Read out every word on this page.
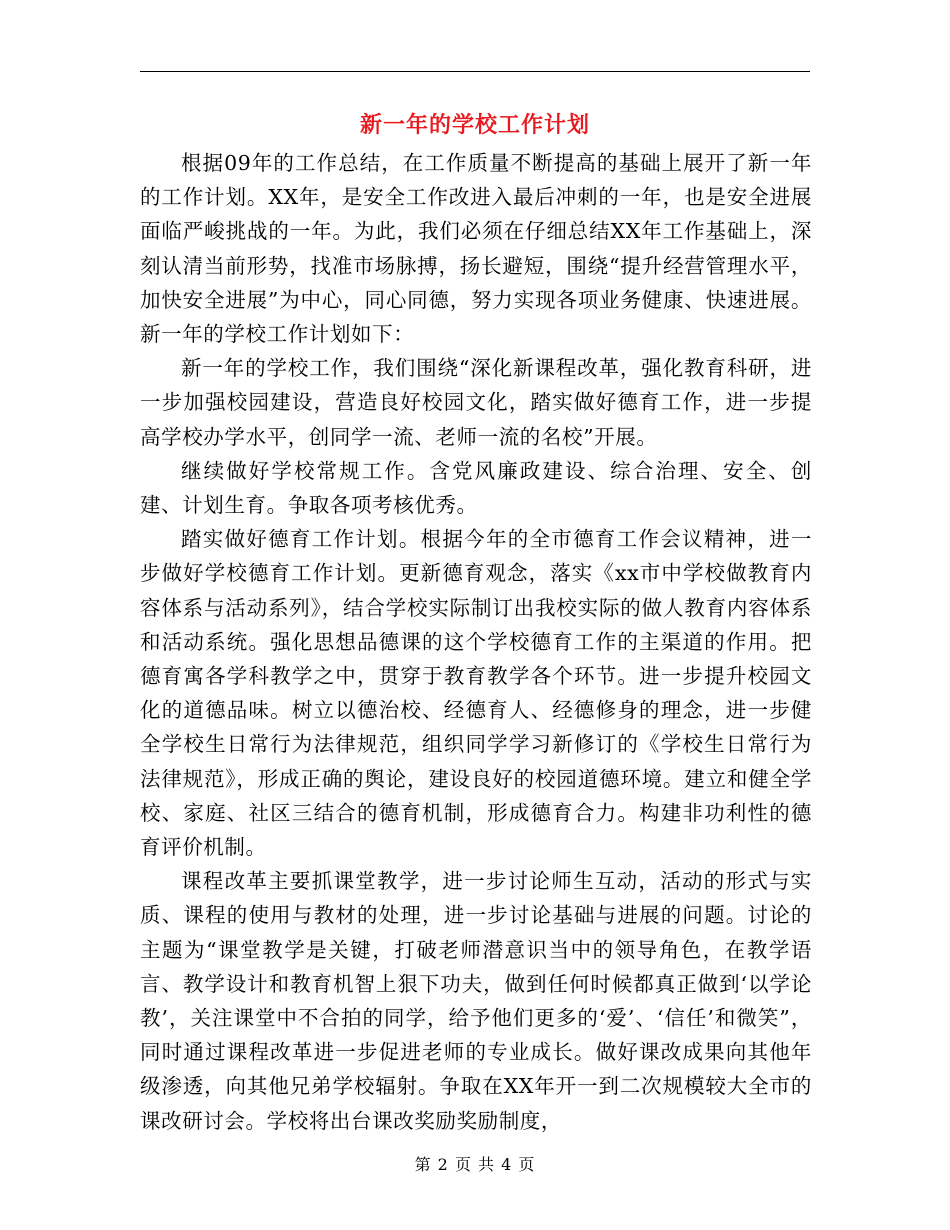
新一年的学校工作计划

根据09年的工作总结，在工作质量不断提高的基础上展开了新一年的工作计划。XX年，是安全工作改进入最后冲刺的一年，也是安全进展面临严峻挑战的一年。为此，我们必须在仔细总结XX年工作基础上，深刻认清当前形势，找准市场脉搏，扬长避短，围绕“提升经营管理水平，加快安全进展”为中心，同心同德，努力实现各项业务健康、快速进展。新一年的学校工作计划如下：

新一年的学校工作，我们围绕“深化新课程改革，强化教育科研，进一步加强校园建设，营造良好校园文化，踏实做好德育工作，进一步提高学校办学水平，创同学一流、老师一流的名校”开展。

继续做好学校常规工作。含党风廉政建设、综合治理、安全、创建、计划生育。争取各项考核优秀。

踏实做好德育工作计划。根据今年的全市德育工作会议精神，进一步做好学校德育工作计划。更新德育观念，落实《xx市中学校做教育内容体系与活动系列》，结合学校实际制订出我校实际的做人教育内容体系和活动系统。强化思想品德课的这个学校德育工作的主渠道的作用。把德育寓各学科教学之中，贯穿于教育教学各个环节。进一步提升校园文化的道德品味。树立以德治校、经德育人、经德修身的理念，进一步健全学校生日常行为法律规范，组织同学学习新修订的《学校生日常行为法律规范》，形成正确的舆论，建设良好的校园道德环境。建立和健全学校、家庭、社区三结合的德育机制，形成德育合力。构建非功利性的德育评价机制。

课程改革主要抓课堂教学，进一步讨论师生互动，活动的形式与实质、课程的使用与教材的处理，进一步讨论基础与进展的问题。讨论的主题为“课堂教学是关键，打破老师潜意识当中的领导角色，在教学语言、教学设计和教育机智上狠下功夫，做到任何时候都真正做到‘以学论教’，关注课堂中不合拍的同学，给予他们更多的‘爱’、‘信任’和微笑”，同时通过课程改革进一步促进老师的专业成长。做好课改成果向其他年级渗透，向其他兄弟学校辐射。争取在XX年开一到二次规模较大全市的课改研讨会。学校将出台课改奖励奖励制度，

第 2 页 共 4 页
